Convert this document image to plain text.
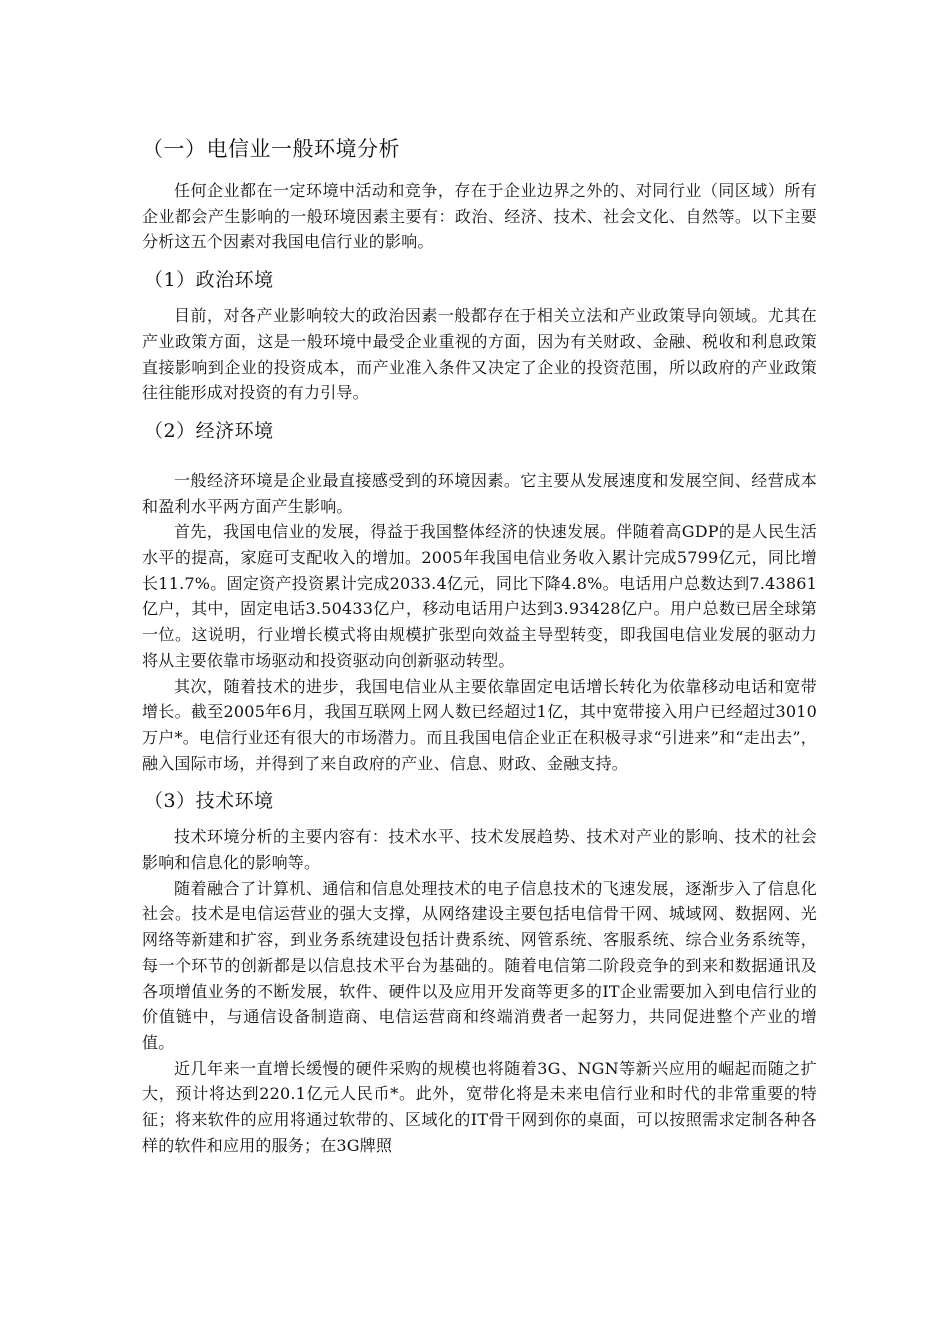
（一）电信业一般环境分析

任何企业都在一定环境中活动和竞争，存在于企业边界之外的、对同行业（同区域）所有企业都会产生影响的一般环境因素主要有：政治、经济、技术、社会文化、自然等。以下主要分析这五个因素对我国电信行业的影响。

（1）政治环境

目前，对各产业影响较大的政治因素一般都存在于相关立法和产业政策导向领域。尤其在产业政策方面，这是一般环境中最受企业重视的方面，因为有关财政、金融、税收和利息政策直接影响到企业的投资成本，而产业准入条件又决定了企业的投资范围，所以政府的产业政策往往能形成对投资的有力引导。

（2）经济环境

一般经济环境是企业最直接感受到的环境因素。它主要从发展速度和发展空间、经营成本和盈利水平两方面产生影响。

首先，我国电信业的发展，得益于我国整体经济的快速发展。伴随着高GDP的是人民生活水平的提高，家庭可支配收入的增加。2005年我国电信业务收入累计完成5799亿元，同比增长11.7%。固定资产投资累计完成2033.4亿元，同比下降4.8%。电话用户总数达到7.43861亿户，其中，固定电话3.50433亿户，移动电话用户达到3.93428亿户。用户总数已居全球第一位。这说明，行业增长模式将由规模扩张型向效益主导型转变，即我国电信业发展的驱动力将从主要依靠市场驱动和投资驱动向创新驱动转型。

其次，随着技术的进步，我国电信业从主要依靠固定电话增长转化为依靠移动电话和宽带增长。截至2005年6月，我国互联网上网人数已经超过1亿，其中宽带接入用户已经超过3010万户*。电信行业还有很大的市场潜力。而且我国电信企业正在积极寻求“引进来”和“走出去”，融入国际市场，并得到了来自政府的产业、信息、财政、金融支持。

（3）技术环境

技术环境分析的主要内容有：技术水平、技术发展趋势、技术对产业的影响、技术的社会影响和信息化的影响等。

随着融合了计算机、通信和信息处理技术的电子信息技术的飞速发展，逐渐步入了信息化社会。技术是电信运营业的强大支撑，从网络建设主要包括电信骨干网、城域网、数据网、光网络等新建和扩容，到业务系统建设包括计费系统、网管系统、客服系统、综合业务系统等，每一个环节的创新都是以信息技术平台为基础的。随着电信第二阶段竞争的到来和数据通讯及各项增值业务的不断发展，软件、硬件以及应用开发商等更多的IT企业需要加入到电信行业的价值链中，与通信设备制造商、电信运营商和终端消费者一起努力，共同促进整个产业的增值。

近几年来一直增长缓慢的硬件采购的规模也将随着3G、NGN等新兴应用的崛起而随之扩大，预计将达到220.1亿元人民币*。此外，宽带化将是未来电信行业和时代的非常重要的特征；将来软件的应用将通过软带的、区域化的IT骨干网到你的桌面，可以按照需求定制各种各样的软件和应用的服务；在3G牌照
